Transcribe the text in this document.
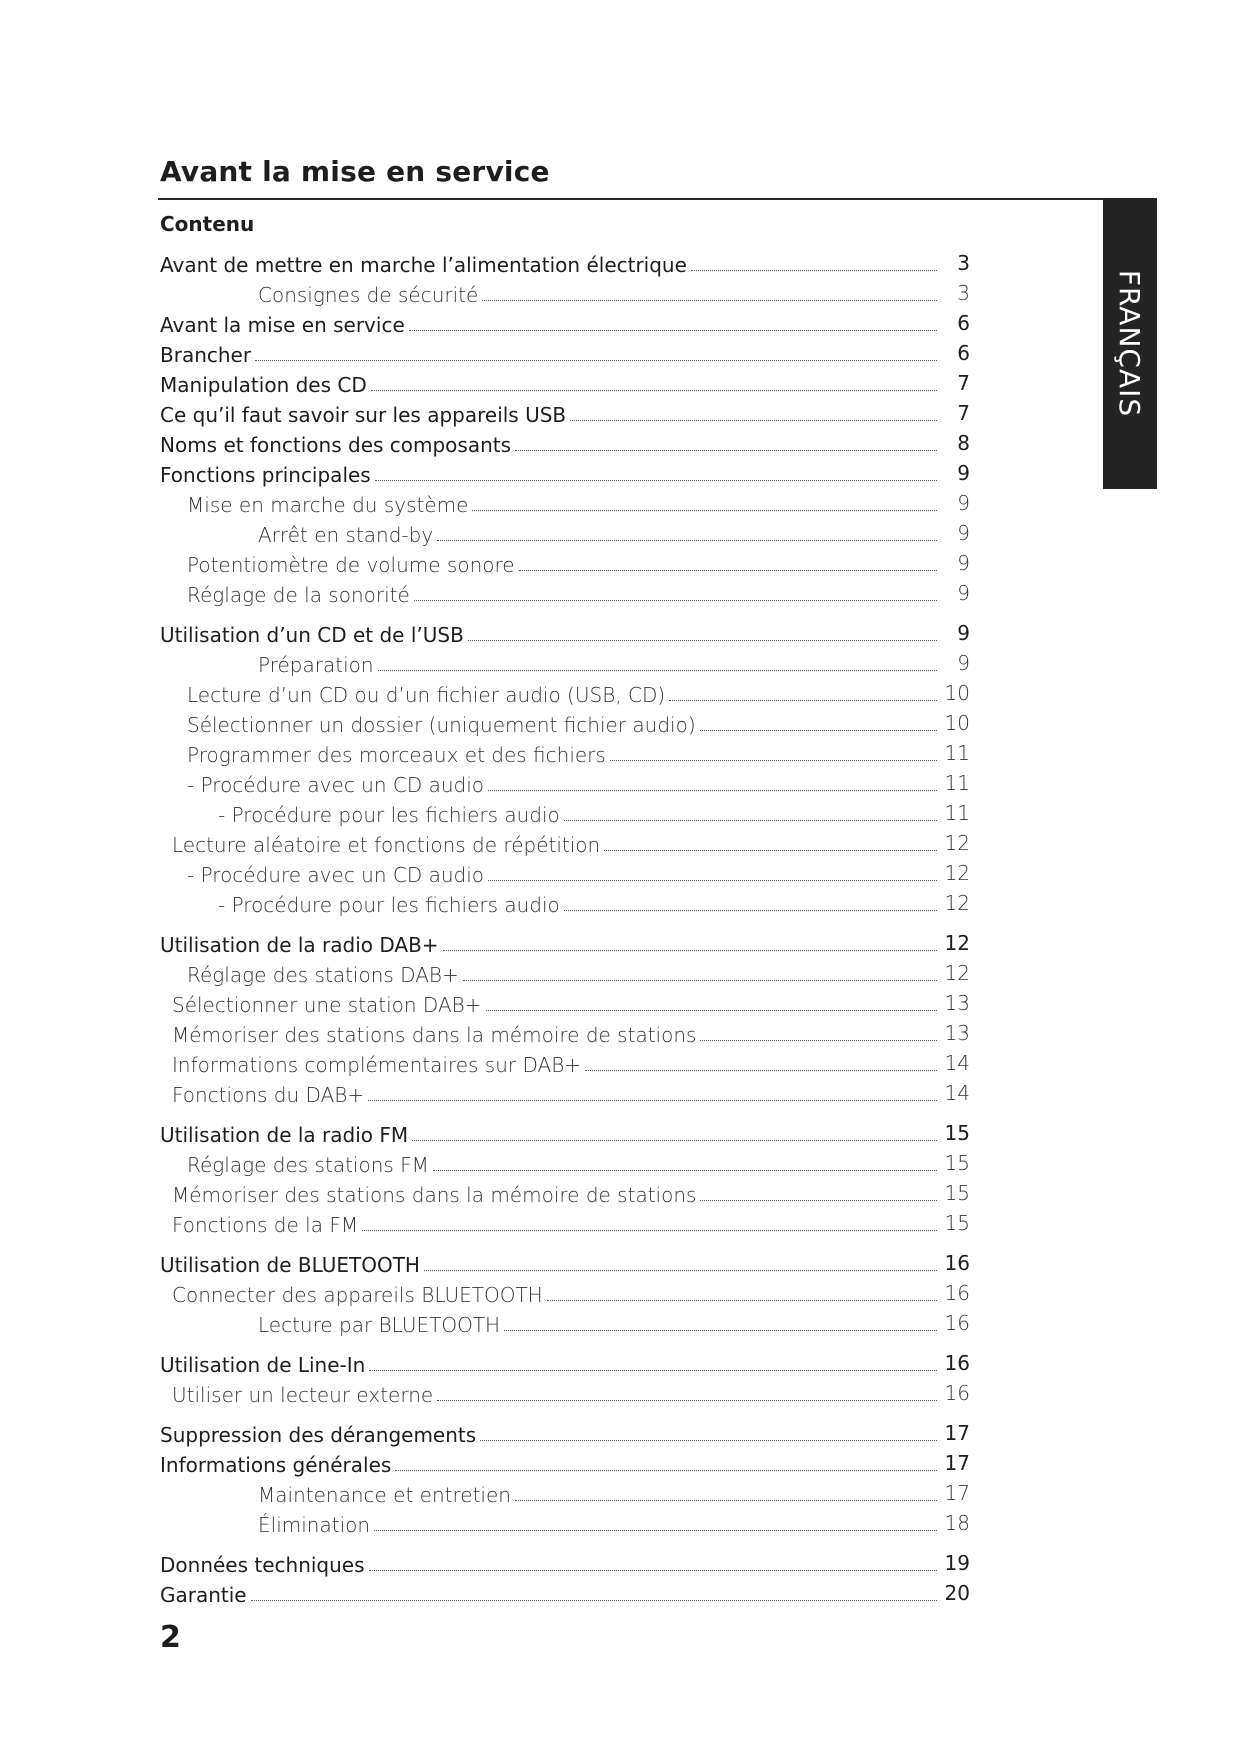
Avant la mise en service
FRANÇAIS
Contenu
Avant de mettre en marche l’alimentation électrique	3
Consignes de sécurité	3
Avant la mise en service	6
Brancher	6
Manipulation des CD	7
Ce qu’il faut savoir sur les appareils USB	7
Noms et fonctions des composants	8
Fonctions principales	9
Mise en marche du système	9
Arrêt en stand-by	9
Potentiomètre de volume sonore	9
Réglage de la sonorité	9
Utilisation d’un CD et de l’USB	9
Préparation	9
Lecture d’un CD ou d’un fichier audio (USB, CD)	10
Sélectionner un dossier (uniquement fichier audio)	10
Programmer des morceaux et des fichiers	11
- Procédure avec un CD audio	11
- Procédure pour les fichiers audio	11
Lecture aléatoire et fonctions de répétition	12
- Procédure avec un CD audio	12
- Procédure pour les fichiers audio	12
Utilisation de la radio DAB+	12
Réglage des stations DAB+	12
Sélectionner une station DAB+	13
Mémoriser des stations dans la mémoire de stations	13
Informations complémentaires sur DAB+	14
Fonctions du DAB+	14
Utilisation de la radio FM	15
Réglage des stations FM	15
Mémoriser des stations dans la mémoire de stations	15
Fonctions de la FM	15
Utilisation de BLUETOOTH	16
Connecter des appareils BLUETOOTH	16
Lecture par BLUETOOTH	16
Utilisation de Line-In	16
Utiliser un lecteur externe	16
Suppression des dérangements	17
Informations générales	17
Maintenance et entretien	17
Élimination	18
Données techniques	19
Garantie	20
2
